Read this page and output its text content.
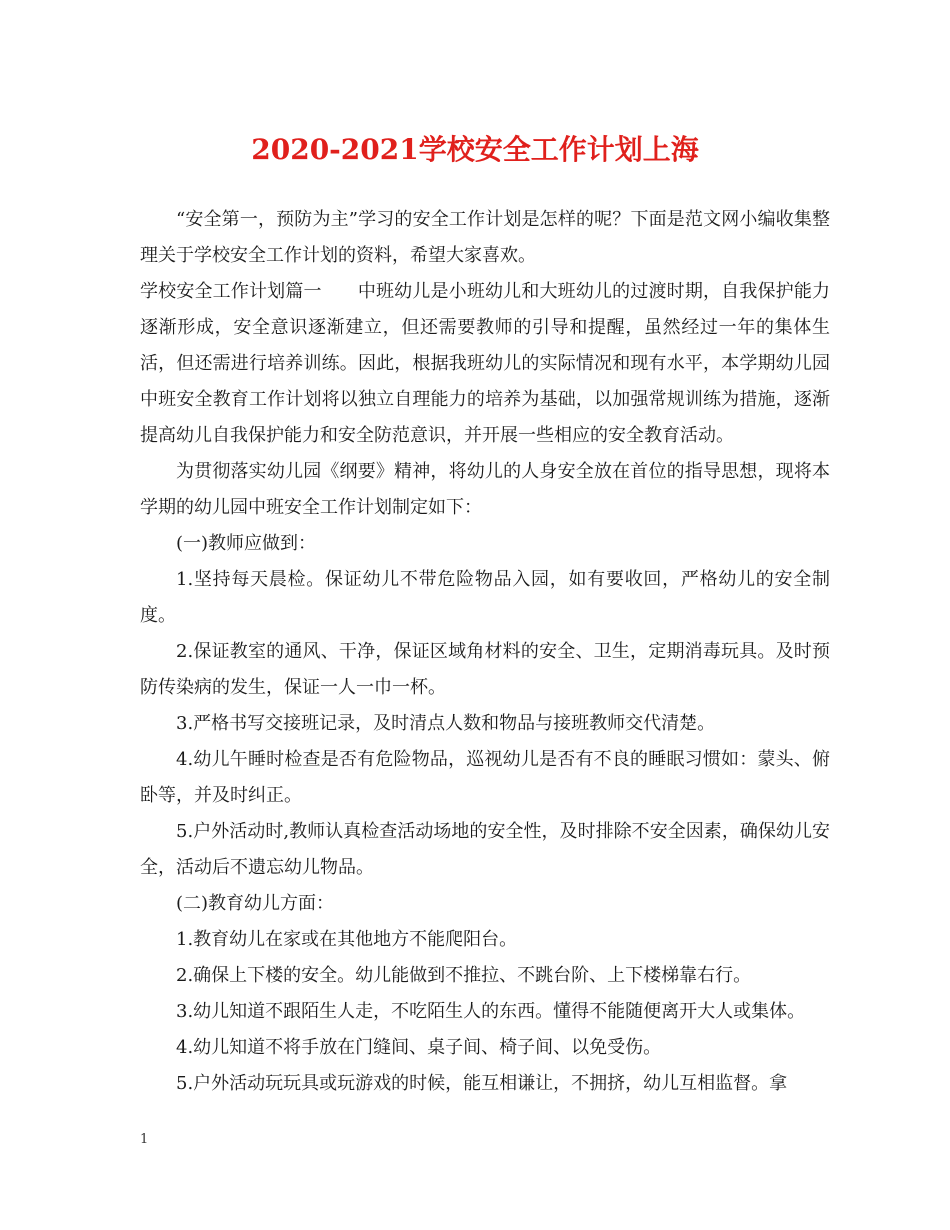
2020-2021学校安全工作计划上海

“安全第一，预防为主”学习的安全工作计划是怎样的呢？下面是范文网小编收集整理关于学校安全工作计划的资料，希望大家喜欢。

学校安全工作计划篇一 中班幼儿是小班幼儿和大班幼儿的过渡时期，自我保护能力逐渐形成，安全意识逐渐建立，但还需要教师的引导和提醒，虽然经过一年的集体生活，但还需进行培养训练。因此，根据我班幼儿的实际情况和现有水平，本学期幼儿园中班安全教育工作计划将以独立自理能力的培养为基础，以加强常规训练为措施，逐渐提高幼儿自我保护能力和安全防范意识，并开展一些相应的安全教育活动。

为贯彻落实幼儿园《纲要》精神，将幼儿的人身安全放在首位的指导思想，现将本学期的幼儿园中班安全工作计划制定如下：

(一)教师应做到：

1.坚持每天晨检。保证幼儿不带危险物品入园，如有要收回，严格幼儿的安全制度。

2.保证教室的通风、干净，保证区域角材料的安全、卫生，定期消毒玩具。及时预防传染病的发生，保证一人一巾一杯。

3.严格书写交接班记录，及时清点人数和物品与接班教师交代清楚。

4.幼儿午睡时检查是否有危险物品，巡视幼儿是否有不良的睡眠习惯如：蒙头、俯卧等，并及时纠正。

5.户外活动时,教师认真检查活动场地的安全性，及时排除不安全因素，确保幼儿安全，活动后不遗忘幼儿物品。

(二)教育幼儿方面：

1.教育幼儿在家或在其他地方不能爬阳台。

2.确保上下楼的安全。幼儿能做到不推拉、不跳台阶、上下楼梯靠右行。

3.幼儿知道不跟陌生人走，不吃陌生人的东西。懂得不能随便离开大人或集体。

4.幼儿知道不将手放在门缝间、桌子间、椅子间、以免受伤。

5.户外活动玩玩具或玩游戏的时候，能互相谦让，不拥挤，幼儿互相监督。拿

1
